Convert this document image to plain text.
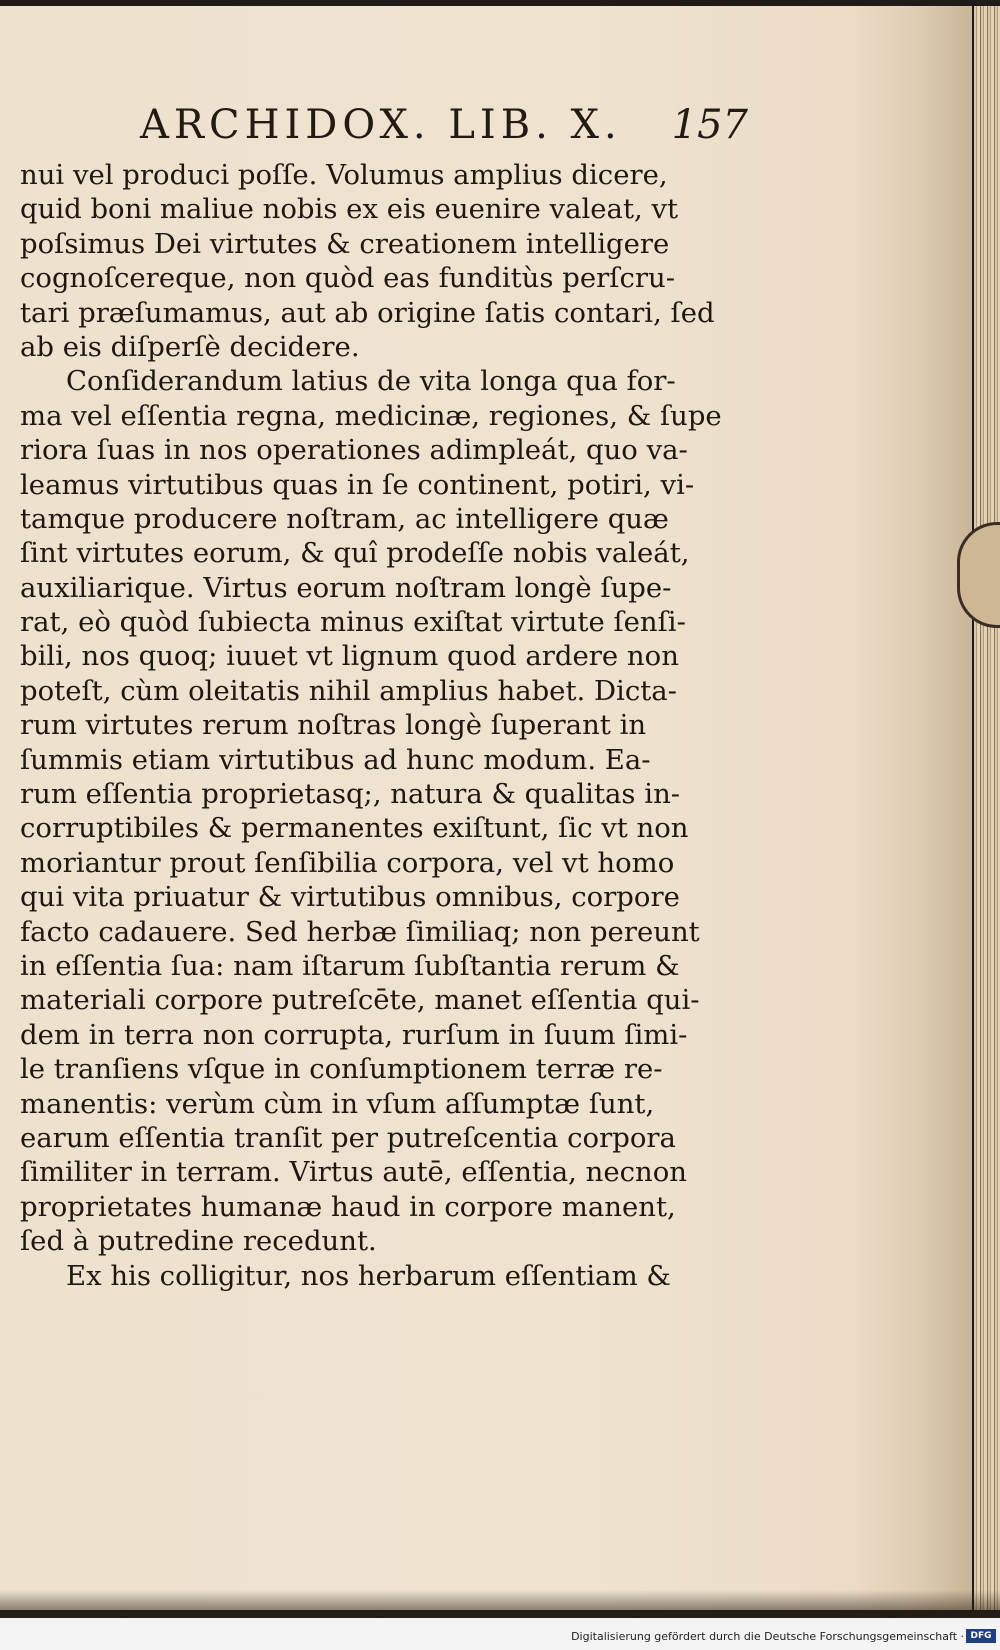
ARCHIDOX. LIB. X. 157
nui vel produci poſſe. Volumus amplius dicere,
quid boni maliue nobis ex eis euenire valeat, vt
poſsimus Dei virtutes & creationem intelligere
cognoſcereque, non quòd eas funditùs perſcru-
tari præſumamus, aut ab origine ſatis contari, ſed
ab eis diſperſè decidere.
Conſiderandum latius de vita longa qua for-
ma vel eſſentia regna, medicinæ, regiones, & ſupe
riora ſuas in nos operationes adimpleát, quo va-
leamus virtutibus quas in ſe continent, potiri, vi-
tamque producere noſtram, ac intelligere quæ
ſint virtutes eorum, & quî prodeſſe nobis valeát,
auxiliarique. Virtus eorum noſtram longè ſupe-
rat, eò quòd ſubiecta minus exiſtat virtute ſenſi-
bili, nos quoq; iuuet vt lignum quod ardere non
poteſt, cùm oleitatis nihil amplius habet. Dicta-
rum virtutes rerum noſtras longè ſuperant in
ſummis etiam virtutibus ad hunc modum. Ea-
rum eſſentia proprietasq;, natura & qualitas in-
corruptibiles & permanentes exiſtunt, ſic vt non
moriantur prout ſenſibilia corpora, vel vt homo
qui vita priuatur & virtutibus omnibus, corpore
facto cadauere. Sed herbæ ſimiliaq; non pereunt
in eſſentia ſua: nam iſtarum ſubſtantia rerum &
materiali corpore putreſcēte, manet eſſentia qui-
dem in terra non corrupta, rurſum in ſuum ſimi-
le tranſiens vſque in conſumptionem terræ re-
manentis: verùm cùm in vſum aſſumptæ ſunt,
earum eſſentia tranſit per putreſcentia corpora
ſimiliter in terram. Virtus autē, eſſentia, necnon
proprietates humanæ haud in corpore manent,
ſed à putredine recedunt.
Ex his colligitur, nos herbarum eſſentiam &
Digitalisierung gefördert durch die Deutsche Forschungsgemeinschaft · DFG
